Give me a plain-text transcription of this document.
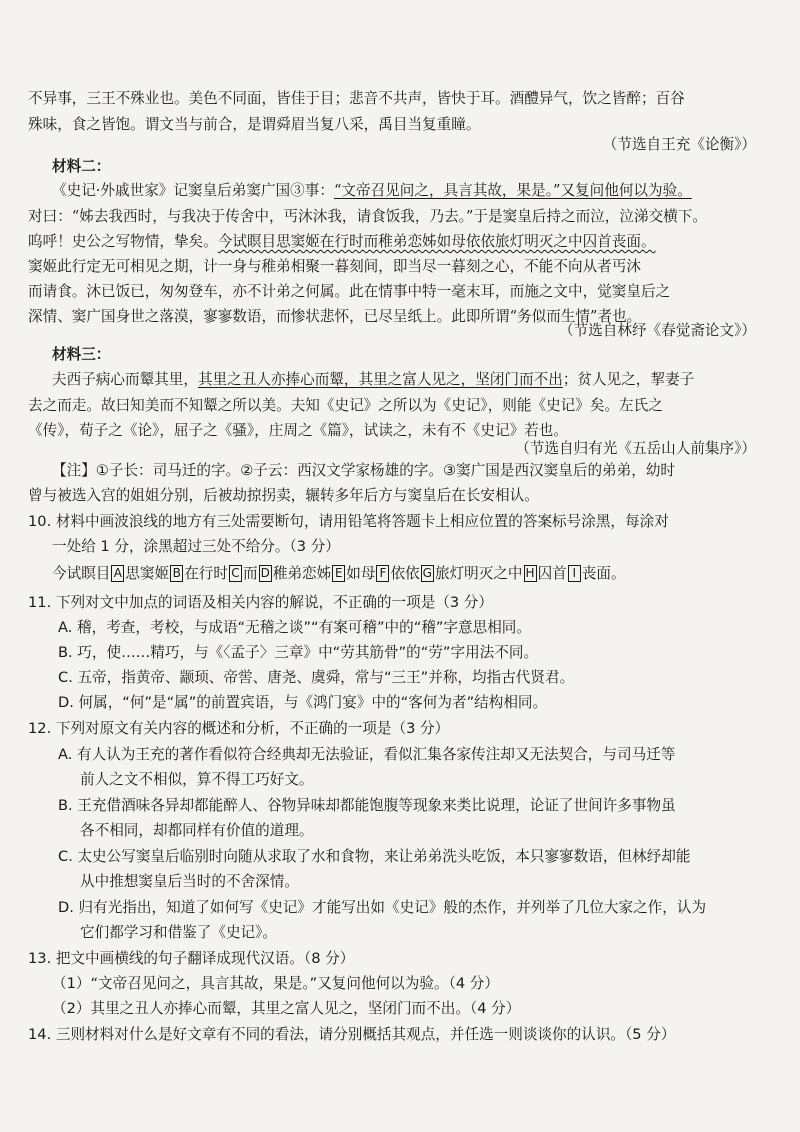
不异事，三王不殊业也。美色不同面，皆佳于目；悲音不共声，皆快于耳。酒醴异气，饮之皆醉；百谷
殊味，食之皆饱。谓文当与前合，是谓舜眉当复八采，禹目当复重瞳。
（节选自王充《论衡》）
材料二：
《史记·外戚世家》记窦皇后弟窦广国③事：“文帝召见问之，具言其故，果是。”又复问他何以为验。
对曰：“姊去我西时，与我决于传舍中，丐沐沐我，请食饭我，乃去。”于是窦皇后持之而泣，泣涕交横下。
呜呼！史公之写物情，挚矣。今试瞑目思窦姬在行时而稚弟恋姊如母依依旅灯明灭之中囚首丧面。
窦姬此行定无可相见之期，计一身与稚弟相聚一暮刻间，即当尽一暮刻之心，不能不向从者丐沐
而请食。沐已饭已，匆匆登车，亦不计弟之何属。此在情事中特一毫末耳，而施之文中，觉窦皇后之
深情、窦广国身世之落漠，寥寥数语，而惨状悲怀，已尽呈纸上。此即所谓“务似而生情”者也。
（节选自林纾《春觉斋论文》）
材料三：
夫西子病心而颦其里，其里之丑人亦捧心而颦，其里之富人见之，坚闭门而不出；贫人见之，挈妻子
去之而走。故曰知美而不知颦之所以美。夫知《史记》之所以为《史记》，则能《史记》矣。左氏之
《传》，荀子之《论》，屈子之《骚》，庄周之《篇》，试读之，未有不《史记》若也。
（节选自归有光《五岳山人前集序》）
【注】①子长：司马迁的字。②子云：西汉文学家杨雄的字。③窦广国是西汉窦皇后的弟弟，幼时
曾与被选入宫的姐姐分别，后被劫掠拐卖，辗转多年后方与窦皇后在长安相认。
10. 材料中画波浪线的地方有三处需要断句，请用铅笔将答题卡上相应位置的答案标号涂黑，每涂对
一处给 1 分，涂黑超过三处不给分。（3 分）
今试瞑目 A 思窦姬 B 在行时 C 而 D 稚弟恋姊 E 如母 F 依依 G 旅灯明灭之中 H 囚首 I 丧面。
11. 下列对文中加点的词语及相关内容的解说，不正确的一项是（3 分）
A. 稽，考查，考校，与成语“无稽之谈”“有案可稽”中的“稽”字意思相同。
B. 巧，使……精巧，与《〈孟子〉三章》中“劳其筋骨”的“劳”字用法不同。
C. 五帝，指黄帝、颛顼、帝喾、唐尧、虞舜，常与“三王”并称，均指古代贤君。
D. 何属，“何”是“属”的前置宾语，与《鸿门宴》中的“客何为者”结构相同。
12. 下列对原文有关内容的概述和分析，不正确的一项是（3 分）
A. 有人认为王充的著作看似符合经典却无法验证，看似汇集各家传注却又无法契合，与司马迁等
前人之文不相似，算不得工巧好文。
B. 王充借酒味各异却都能醉人、谷物异味却都能饱腹等现象来类比说理，论证了世间许多事物虽
各不相同，却都同样有价值的道理。
C. 太史公写窦皇后临别时向随从求取了水和食物，来让弟弟洗头吃饭，本只寥寥数语，但林纾却能
从中推想窦皇后当时的不舍深情。
D. 归有光指出，知道了如何写《史记》才能写出如《史记》般的杰作，并列举了几位大家之作，认为
它们都学习和借鉴了《史记》。
13. 把文中画横线的句子翻译成现代汉语。（8 分）
（1）“文帝召见问之，具言其故，果是。”又复问他何以为验。（4 分）
（2）其里之丑人亦捧心而颦，其里之富人见之，坚闭门而不出。（4 分）
14. 三则材料对什么是好文章有不同的看法，请分别概括其观点，并任选一则谈谈你的认识。（5 分）
